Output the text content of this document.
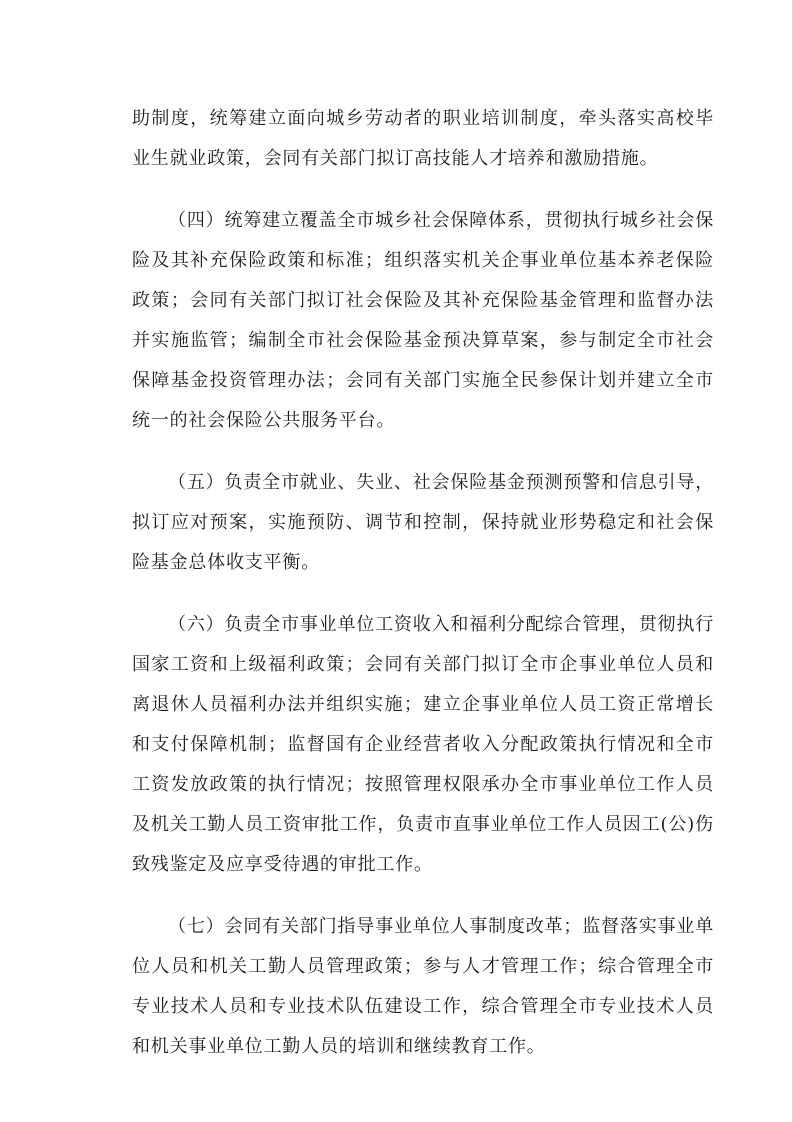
助制度，统筹建立面向城乡劳动者的职业培训制度，牵头落实高校毕业生就业政策，会同有关部门拟订高技能人才培养和激励措施。

（四）统筹建立覆盖全市城乡社会保障体系，贯彻执行城乡社会保险及其补充保险政策和标准；组织落实机关企事业单位基本养老保险政策；会同有关部门拟订社会保险及其补充保险基金管理和监督办法并实施监管；编制全市社会保险基金预决算草案，参与制定全市社会保障基金投资管理办法；会同有关部门实施全民参保计划并建立全市统一的社会保险公共服务平台。

（五）负责全市就业、失业、社会保险基金预测预警和信息引导，拟订应对预案，实施预防、调节和控制，保持就业形势稳定和社会保险基金总体收支平衡。

（六）负责全市事业单位工资收入和福利分配综合管理，贯彻执行国家工资和上级福利政策；会同有关部门拟订全市企事业单位人员和离退休人员福利办法并组织实施；建立企事业单位人员工资正常增长和支付保障机制；监督国有企业经营者收入分配政策执行情况和全市工资发放政策的执行情况；按照管理权限承办全市事业单位工作人员及机关工勤人员工资审批工作，负责市直事业单位工作人员因工(公)伤致残鉴定及应享受待遇的审批工作。

（七）会同有关部门指导事业单位人事制度改革；监督落实事业单位人员和机关工勤人员管理政策；参与人才管理工作；综合管理全市专业技术人员和专业技术队伍建设工作，综合管理全市专业技术人员和机关事业单位工勤人员的培训和继续教育工作。
